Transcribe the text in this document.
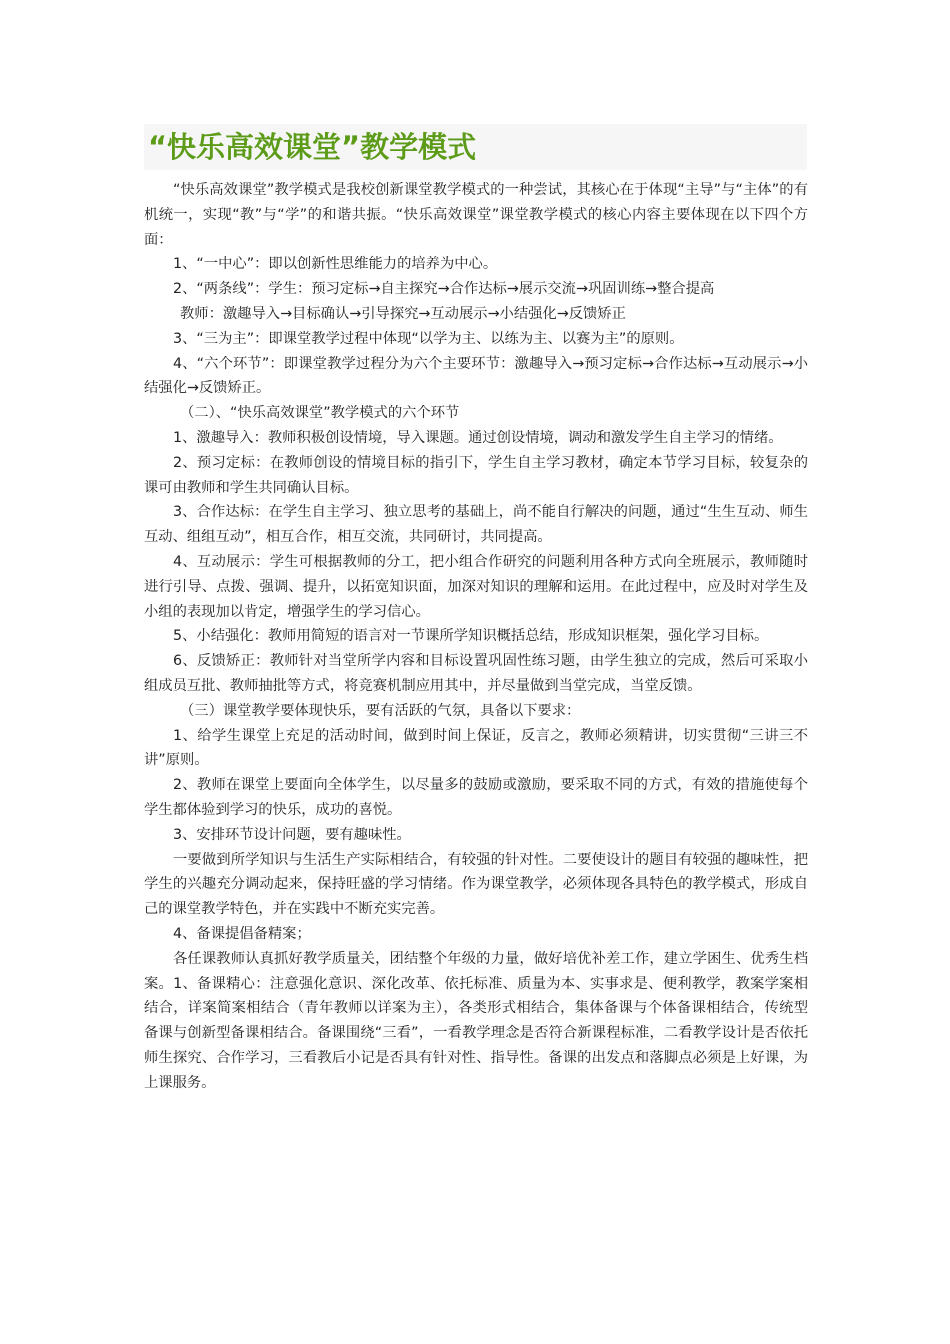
“快乐高效课堂”教学模式

“快乐高效课堂”教学模式是我校创新课堂教学模式的一种尝试，其核心在于体现“主导”与“主体”的有机统一，实现“教”与“学”的和谐共振。“快乐高效课堂”课堂教学模式的核心内容主要体现在以下四个方面：

1、“一中心”：即以创新性思维能力的培养为中心。

2、“两条线”：学生：预习定标→自主探究→合作达标→展示交流→巩固训练→整合提高

教师：激趣导入→目标确认→引导探究→互动展示→小结强化→反馈矫正

3、“三为主”：即课堂教学过程中体现“以学为主、以练为主、以赛为主”的原则。

4、“六个环节”：即课堂教学过程分为六个主要环节：激趣导入→预习定标→合作达标→互动展示→小结强化→反馈矫正。

（二）、“快乐高效课堂”教学模式的六个环节

1、激趣导入：教师积极创设情境，导入课题。通过创设情境，调动和激发学生自主学习的情绪。

2、预习定标：在教师创设的情境目标的指引下，学生自主学习教材，确定本节学习目标，较复杂的课可由教师和学生共同确认目标。

3、合作达标：在学生自主学习、独立思考的基础上，尚不能自行解决的问题，通过“生生互动、师生互动、组组互动”，相互合作，相互交流，共同研讨，共同提高。

4、互动展示：学生可根据教师的分工，把小组合作研究的问题利用各种方式向全班展示，教师随时进行引导、点拨、强调、提升，以拓宽知识面，加深对知识的理解和运用。在此过程中，应及时对学生及小组的表现加以肯定，增强学生的学习信心。

5、小结强化：教师用简短的语言对一节课所学知识概括总结，形成知识框架，强化学习目标。

6、反馈矫正：教师针对当堂所学内容和目标设置巩固性练习题，由学生独立的完成，然后可采取小组成员互批、教师抽批等方式，将竞赛机制应用其中，并尽量做到当堂完成，当堂反馈。

（三）课堂教学要体现快乐，要有活跃的气氛，具备以下要求：

1、给学生课堂上充足的活动时间，做到时间上保证，反言之，教师必须精讲，切实贯彻“三讲三不讲”原则。

2、教师在课堂上要面向全体学生，以尽量多的鼓励或激励，要采取不同的方式，有效的措施使每个学生都体验到学习的快乐，成功的喜悦。

3、安排环节设计问题，要有趣味性。

一要做到所学知识与生活生产实际相结合，有较强的针对性。二要使设计的题目有较强的趣味性，把学生的兴趣充分调动起来，保持旺盛的学习情绪。作为课堂教学，必须体现各具特色的教学模式，形成自己的课堂教学特色，并在实践中不断充实完善。

4、备课提倡备精案；

各任课教师认真抓好教学质量关，团结整个年级的力量，做好培优补差工作，建立学困生、优秀生档案。1、备课精心：注意强化意识、深化改革、依托标准、质量为本、实事求是、便利教学，教案学案相结合，详案简案相结合（青年教师以详案为主），各类形式相结合，集体备课与个体备课相结合，传统型备课与创新型备课相结合。备课围绕“三看”，一看教学理念是否符合新课程标准，二看教学设计是否依托师生探究、合作学习，三看教后小记是否具有针对性、指导性。备课的出发点和落脚点必须是上好课，为上课服务。
